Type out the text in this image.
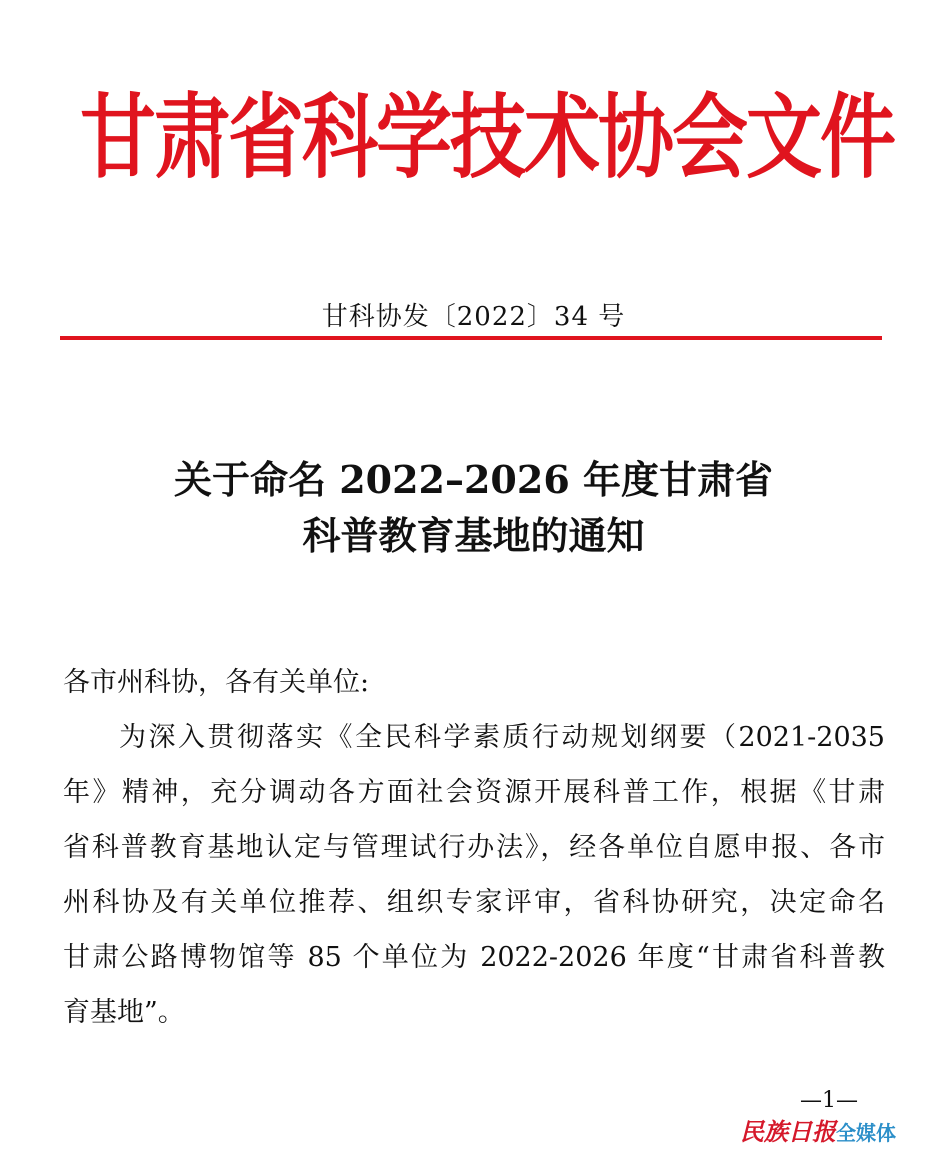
甘肃省科学技术协会文件
甘科协发〔2022〕34 号
关于命名 2022–2026 年度甘肃省
科普教育基地的通知
各市州科协，各有关单位:
为深入贯彻落实《全民科学素质行动规划纲要（2021-2035
年》精神，充分调动各方面社会资源开展科普工作，根据《甘肃
省科普教育基地认定与管理试行办法》，经各单位自愿申报、各市
州科协及有关单位推荐、组织专家评审，省科协研究，决定命名
甘肃公路博物馆等 85 个单位为 2022-2026 年度“甘肃省科普教
育基地”。
—1—
民族日报全媒体
